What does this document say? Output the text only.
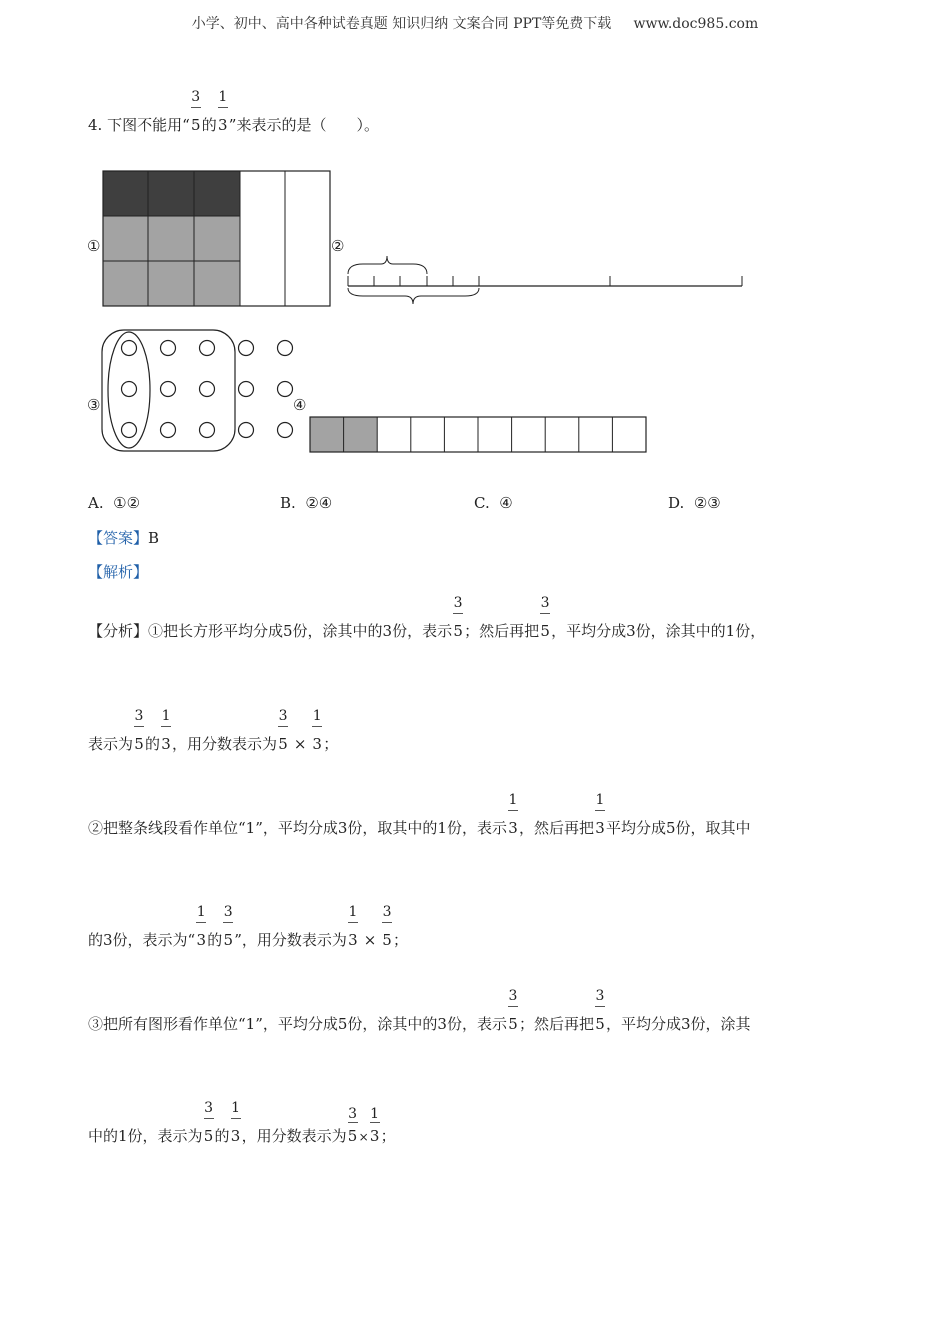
小学、初中、高中各种试卷真题 知识归纳 文案合同 PPT等免费下载 www.doc985.com
4. 下图不能用“ $\frac{3}{5}$ 的 $\frac{1}{3}$ ”来表示的是（　　）。
①	②
③	④
A. ①②	B. ②④	C. ④	D. ②③
【答案】B
【解析】
【分析】①把长方形平均分成5份，涂其中的3份，表示 $\frac{3}{5}$ ；然后再把 $\frac{3}{5}$ ，平均分成3份，涂其中的1份，
表示为 $\frac{3}{5}$ 的 $\frac{1}{3}$ ，用分数表示为 $\frac{3}{5} \times \frac{1}{3}$ ；
②把整条线段看作单位“1”，平均分成3份，取其中的1份，表示 $\frac{1}{3}$ ，然后再把 $\frac{1}{3}$ 平均分成5份，取其中
的3份，表示为“ $\frac{1}{3}$ 的 $\frac{3}{5}$ ”，用分数表示为 $\frac{1}{3} \times \frac{3}{5}$ ；
③把所有图形看作单位“1”，平均分成5份，涂其中的3份，表示 $\frac{3}{5}$ ；然后再把 $\frac{3}{5}$ ，平均分成3份，涂其
中的1份，表示为 $\frac{3}{5}$ 的 $\frac{1}{3}$ ，用分数表示为 $\frac{3}{5} \times \frac{1}{3}$ ；
